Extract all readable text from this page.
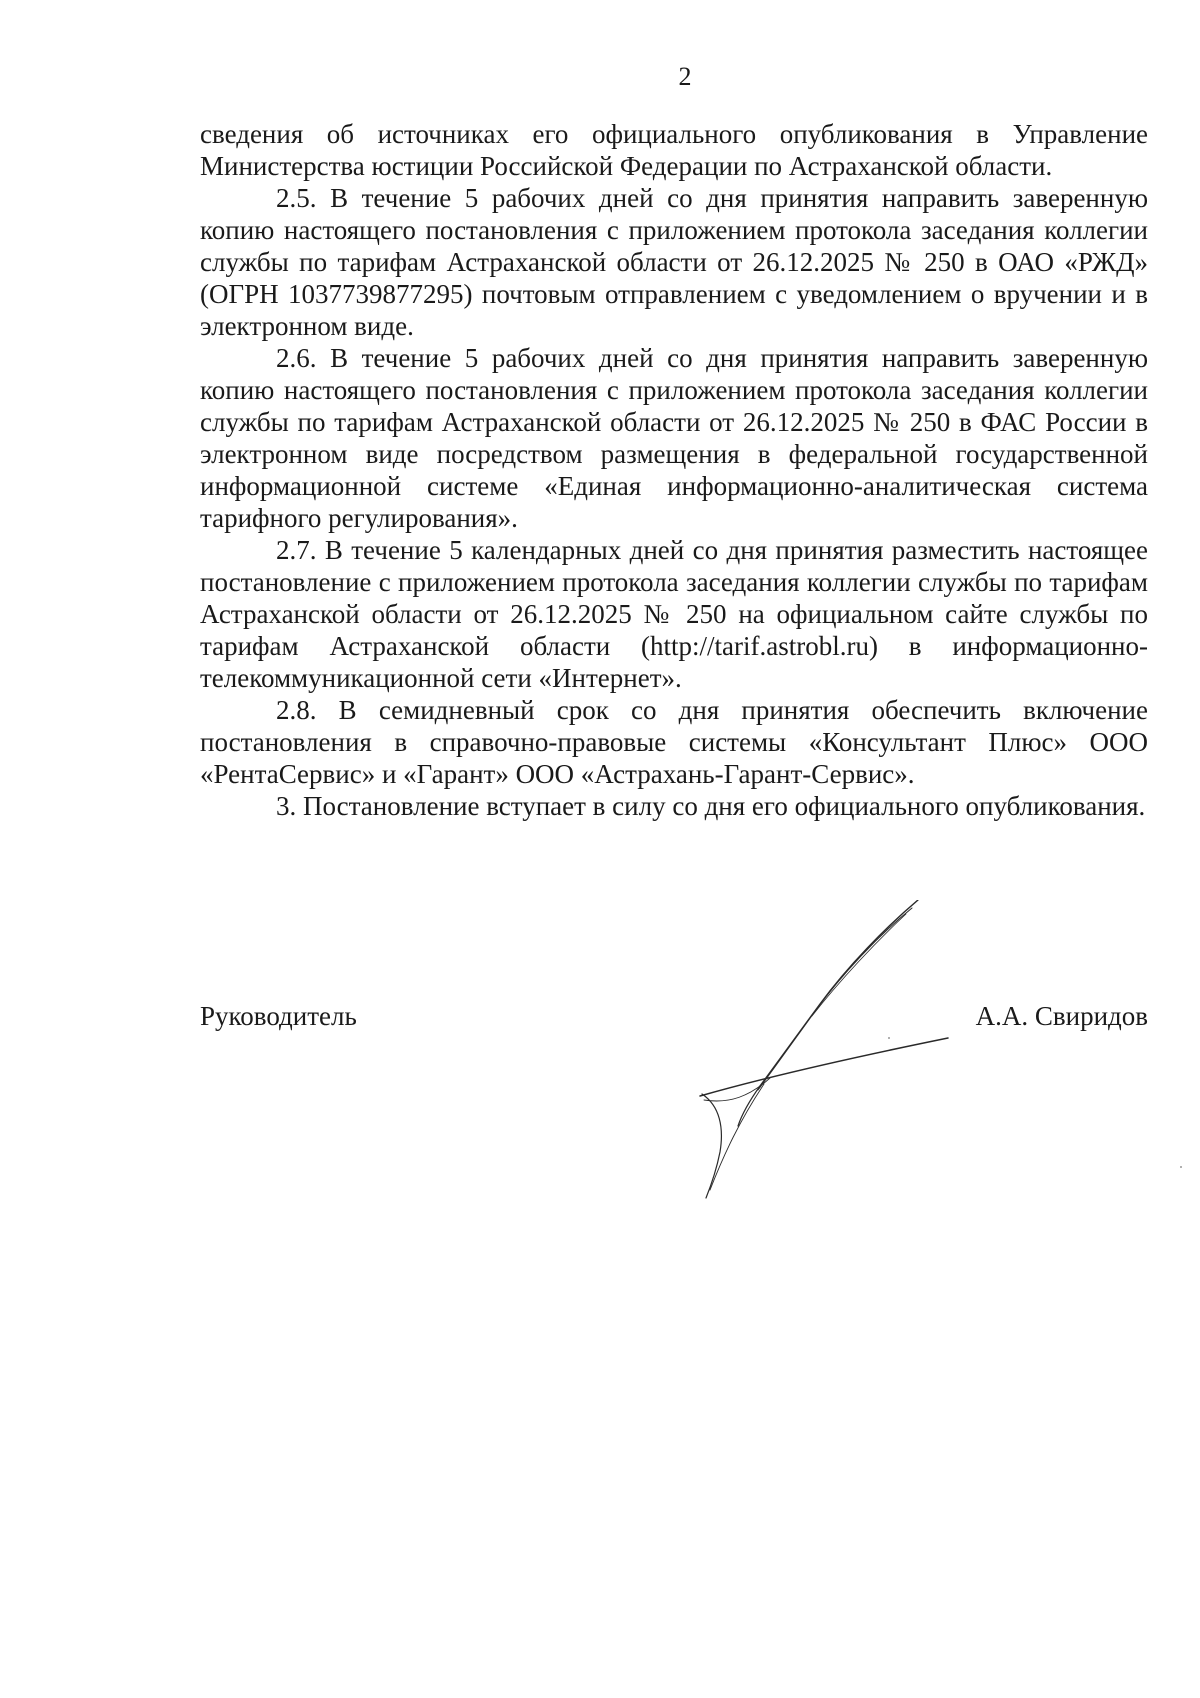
2

сведения об источниках его официального опубликования в Управление Министерства юстиции Российской Федерации по Астраханской области.

2.5. В течение 5 рабочих дней со дня принятия направить заверенную копию настоящего постановления с приложением протокола заседания коллегии службы по тарифам Астраханской области от 26.12.2025 № 250 в ОАО «РЖД» (ОГРН 1037739877295) почтовым отправлением с уведомлением о вручении и в электронном виде.

2.6. В течение 5 рабочих дней со дня принятия направить заверенную копию настоящего постановления с приложением протокола заседания коллегии службы по тарифам Астраханской области от 26.12.2025 № 250 в ФАС России в электронном виде посредством размещения в федеральной государственной информационной системе «Единая информационно-аналитическая система тарифного регулирования».

2.7. В течение 5 календарных дней со дня принятия разместить настоящее постановление с приложением протокола заседания коллегии службы по тарифам Астраханской области от 26.12.2025 № 250 на официальном сайте службы по тарифам Астраханской области (http://tarif.astrobl.ru) в информационно-телекоммуникационной сети «Интернет».

2.8. В семидневный срок со дня принятия обеспечить включение постановления в справочно-правовые системы «Консультант Плюс» ООО «РентаСервис» и «Гарант» ООО «Астрахань-Гарант-Сервис».

3. Постановление вступает в силу со дня его официального опубликования.

Руководитель	А.А. Свиридов
